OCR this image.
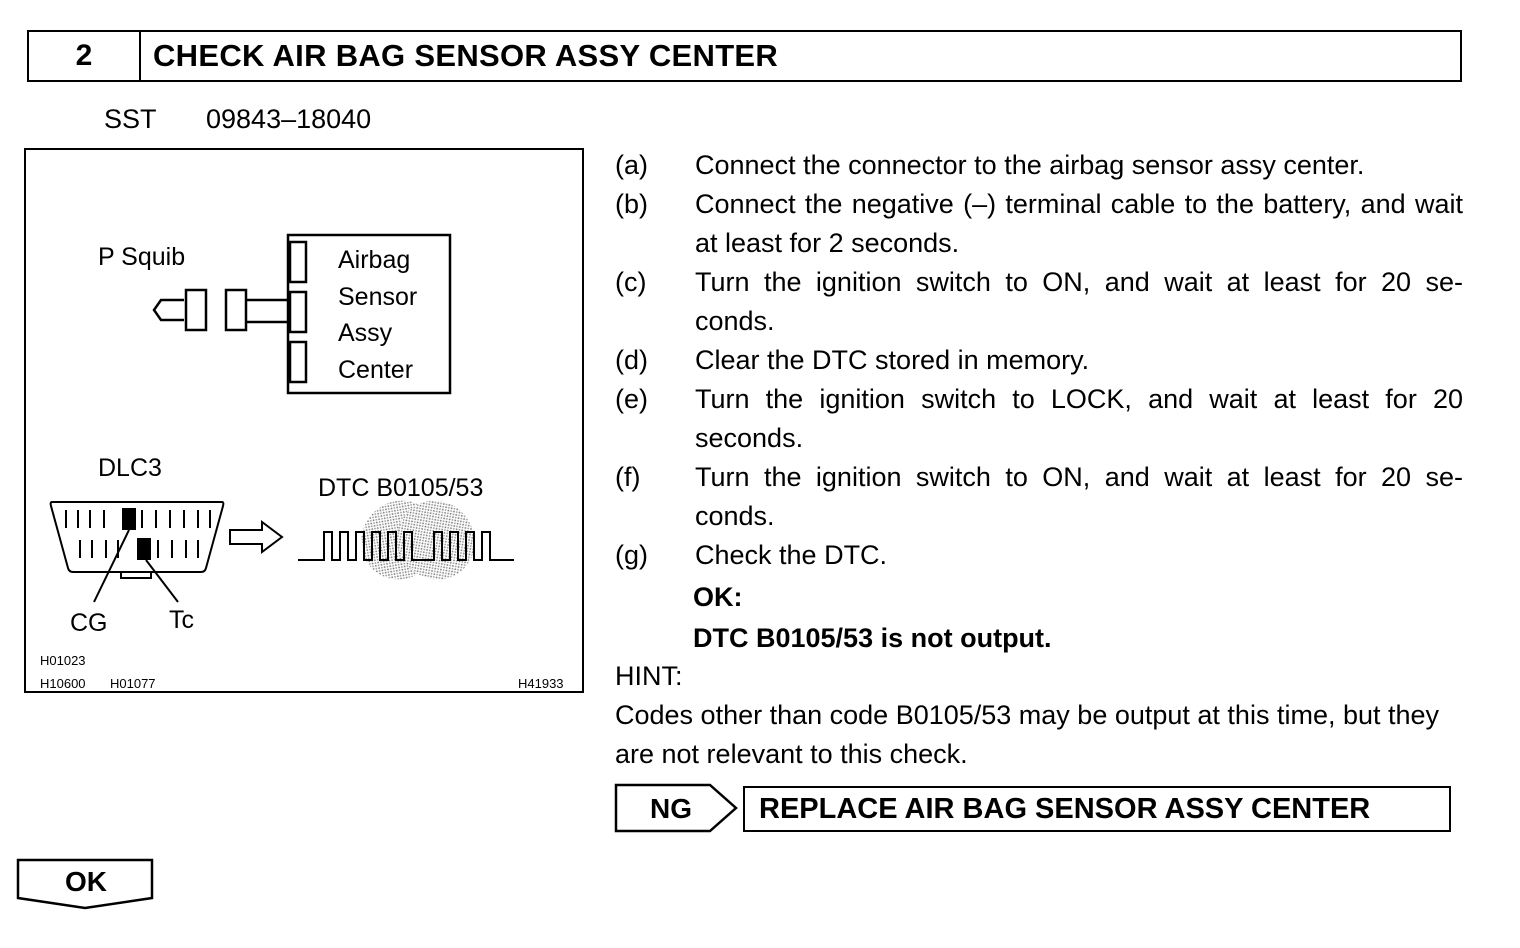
2	CHECK AIR BAG SENSOR ASSY CENTER
SST 09843–18040
P Squib	Airbag
Sensor
Assy
Center
DLC3
CG Tc
DTC B0105/53
H01023
H10600 H01077	H41933
(a)	Connect the connector to the airbag sensor assy center.
(b)	Connect the negative (–) terminal cable to the battery, and wait at least for 2 seconds.
(c)	Turn the ignition switch to ON, and wait at least for 20 se- conds.
(d)	Clear the DTC stored in memory.
(e)	Turn the ignition switch to LOCK, and wait at least for 20 seconds.
(f)	Turn the ignition switch to ON, and wait at least for 20 se- conds.
(g)	Check the DTC.
OK:
DTC B0105/53 is not output.
HINT:
Codes other than code B0105/53 may be output at this time, but they are not relevant to this check.
NG	REPLACE AIR BAG SENSOR ASSY CENTER
OK
